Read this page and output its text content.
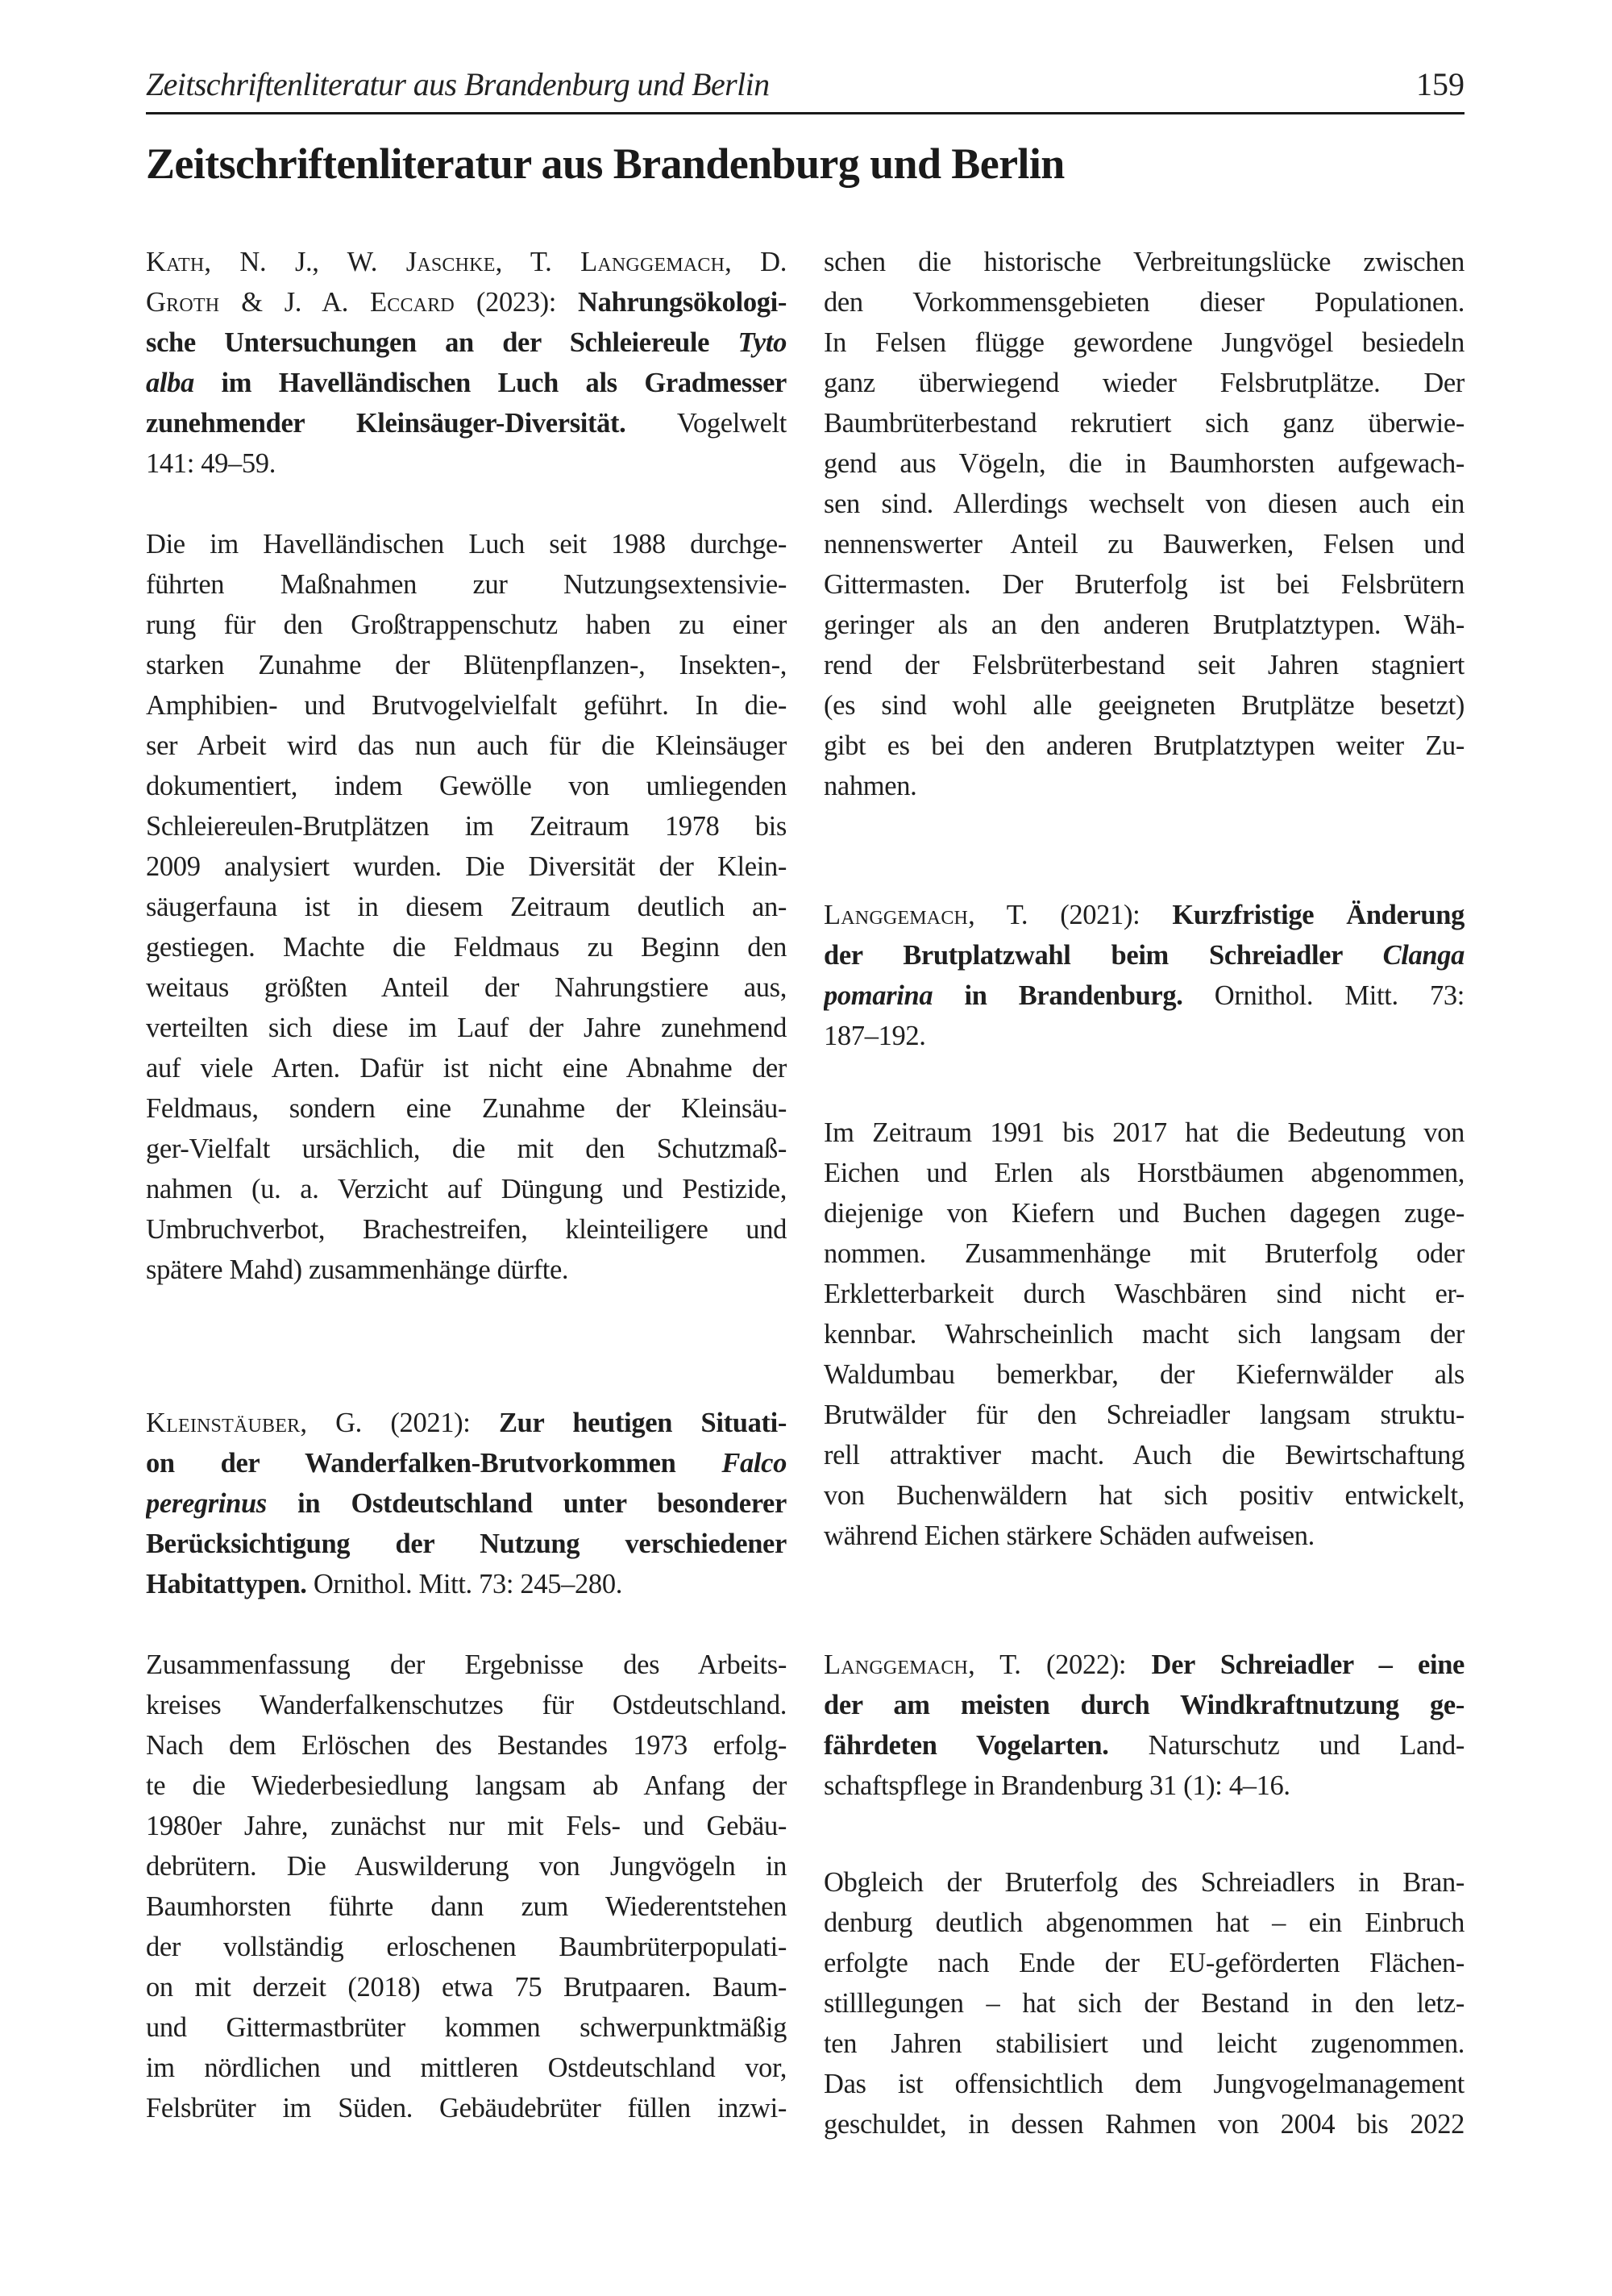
Zeitschriftenliteratur aus Brandenburg und Berlin	159
Zeitschriftenliteratur aus Brandenburg und Berlin
Kath, N. J., W. Jaschke, T. Langgemach, D.
Groth & J. A. Eccard (2023): Nahrungsökologi-
sche Untersuchungen an der Schleiereule Tyto
alba im Havelländischen Luch als Gradmesser
zunehmender Kleinsäuger-Diversität. Vogelwelt
141: 49–59.
Die im Havelländischen Luch seit 1988 durchge-
führten Maßnahmen zur Nutzungsextensivie-
rung für den Großtrappenschutz haben zu einer
starken Zunahme der Blütenpflanzen-, Insekten-,
Amphibien- und Brutvogelvielfalt geführt. In die-
ser Arbeit wird das nun auch für die Kleinsäuger
dokumentiert, indem Gewölle von umliegenden
Schleiereulen-Brutplätzen im Zeitraum 1978 bis
2009 analysiert wurden. Die Diversität der Klein-
säugerfauna ist in diesem Zeitraum deutlich an-
gestiegen. Machte die Feldmaus zu Beginn den
weitaus größten Anteil der Nahrungstiere aus,
verteilten sich diese im Lauf der Jahre zunehmend
auf viele Arten. Dafür ist nicht eine Abnahme der
Feldmaus, sondern eine Zunahme der Kleinsäu-
ger-Vielfalt ursächlich, die mit den Schutzmaß-
nahmen (u. a. Verzicht auf Düngung und Pestizide,
Umbruchverbot, Brachestreifen, kleinteiligere und
spätere Mahd) zusammenhänge dürfte.
Kleinstäuber, G. (2021): Zur heutigen Situati-
on der Wanderfalken-Brutvorkommen Falco
peregrinus in Ostdeutschland unter besonderer
Berücksichtigung der Nutzung verschiedener
Habitattypen. Ornithol. Mitt. 73: 245–280.
Zusammenfassung der Ergebnisse des Arbeits-
kreises Wanderfalkenschutzes für Ostdeutschland.
Nach dem Erlöschen des Bestandes 1973 erfolg-
te die Wiederbesiedlung langsam ab Anfang der
1980er Jahre, zunächst nur mit Fels- und Gebäu-
debrütern. Die Auswilderung von Jungvögeln in
Baumhorsten führte dann zum Wiederentstehen
der vollständig erloschenen Baumbrüterpopulati-
on mit derzeit (2018) etwa 75 Brutpaaren. Baum-
und Gittermastbrüter kommen schwerpunktmäßig
im nördlichen und mittleren Ostdeutschland vor,
Felsbrüter im Süden. Gebäudebrüter füllen inzwi-
schen die historische Verbreitungslücke zwischen
den Vorkommensgebieten dieser Populationen.
In Felsen flügge gewordene Jungvögel besiedeln
ganz überwiegend wieder Felsbrutplätze. Der
Baumbrüterbestand rekrutiert sich ganz überwie-
gend aus Vögeln, die in Baumhorsten aufgewach-
sen sind. Allerdings wechselt von diesen auch ein
nennenswerter Anteil zu Bauwerken, Felsen und
Gittermasten. Der Bruterfolg ist bei Felsbrütern
geringer als an den anderen Brutplatztypen. Wäh-
rend der Felsbrüterbestand seit Jahren stagniert
(es sind wohl alle geeigneten Brutplätze besetzt)
gibt es bei den anderen Brutplatztypen weiter Zu-
nahmen.
Langgemach, T. (2021): Kurzfristige Änderung
der Brutplatzwahl beim Schreiadler Clanga
pomarina in Brandenburg. Ornithol. Mitt. 73:
187–192.
Im Zeitraum 1991 bis 2017 hat die Bedeutung von
Eichen und Erlen als Horstbäumen abgenommen,
diejenige von Kiefern und Buchen dagegen zuge-
nommen. Zusammenhänge mit Bruterfolg oder
Erkletterbarkeit durch Waschbären sind nicht er-
kennbar. Wahrscheinlich macht sich langsam der
Waldumbau bemerkbar, der Kiefernwälder als
Brutwälder für den Schreiadler langsam struktu-
rell attraktiver macht. Auch die Bewirtschaftung
von Buchenwäldern hat sich positiv entwickelt,
während Eichen stärkere Schäden aufweisen.
Langgemach, T. (2022): Der Schreiadler – eine
der am meisten durch Windkraftnutzung ge-
fährdeten Vogelarten. Naturschutz und Land-
schaftspflege in Brandenburg 31 (1): 4–16.
Obgleich der Bruterfolg des Schreiadlers in Bran-
denburg deutlich abgenommen hat – ein Einbruch
erfolgte nach Ende der EU-geförderten Flächen-
stilllegungen – hat sich der Bestand in den letz-
ten Jahren stabilisiert und leicht zugenommen.
Das ist offensichtlich dem Jungvogelmanagement
geschuldet, in dessen Rahmen von 2004 bis 2022
